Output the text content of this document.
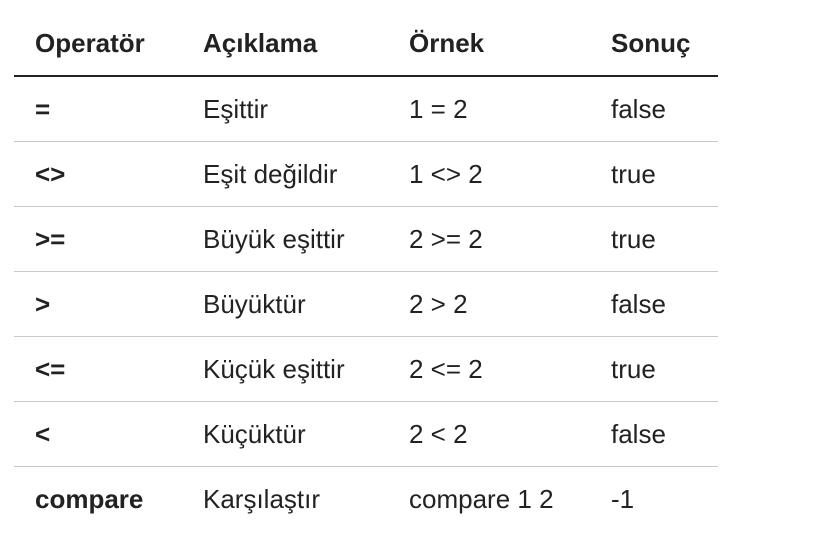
Operatör	Açıklama	Örnek	Sonuç
=	Eşittir	1 = 2	false
<>	Eşit değildir	1 <> 2	true
>=	Büyük eşittir	2 >= 2	true
>	Büyüktür	2 > 2	false
<=	Küçük eşittir	2 <= 2	true
<	Küçüktür	2 < 2	false
compare	Karşılaştır	compare 1 2	-1
